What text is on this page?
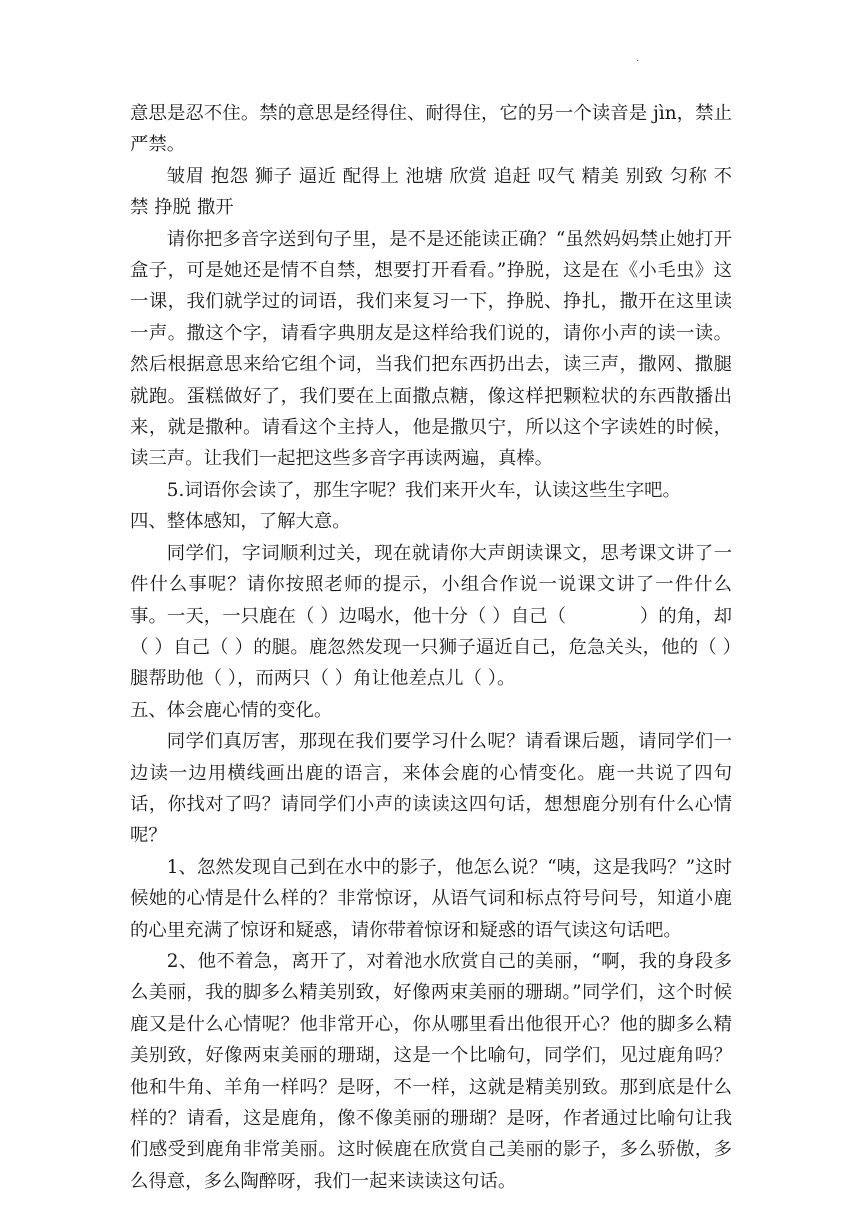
·

意思是忍不住。禁的意思是经得住、耐得住，它的另一个读音是 jìn，禁止严禁。

皱眉 抱怨 狮子 逼近 配得上 池塘 欣赏 追赶 叹气 精美 别致 匀称 不禁 挣脱 撒开

请你把多音字送到句子里，是不是还能读正确？“虽然妈妈禁止她打开盒子，可是她还是情不自禁，想要打开看看。”挣脱，这是在《小毛虫》这一课，我们就学过的词语，我们来复习一下，挣脱、挣扎，撒开在这里读一声。撒这个字，请看字典朋友是这样给我们说的，请你小声的读一读。然后根据意思来给它组个词，当我们把东西扔出去，读三声，撒网、撒腿就跑。蛋糕做好了，我们要在上面撒点糖，像这样把颗粒状的东西散播出来，就是撒种。请看这个主持人，他是撒贝宁，所以这个字读姓的时候，读三声。让我们一起把这些多音字再读两遍，真棒。

5.词语你会读了，那生字呢？我们来开火车，认读这些生字吧。

四、整体感知，了解大意。

同学们，字词顺利过关，现在就请你大声朗读课文，思考课文讲了一件什么事呢？请你按照老师的提示，小组合作说一说课文讲了一件什么事。一天，一只鹿在（ ）边喝水，他十分（ ）自己（　　　　）的角，却（ ）自己（ ）的腿。鹿忽然发现一只狮子逼近自己，危急关头，他的（ ）腿帮助他（ ），而两只（ ）角让他差点儿（ ）。

五、体会鹿心情的变化。

同学们真厉害，那现在我们要学习什么呢？请看课后题，请同学们一边读一边用横线画出鹿的语言，来体会鹿的心情变化。鹿一共说了四句话，你找对了吗？请同学们小声的读读这四句话，想想鹿分别有什么心情呢？

1、忽然发现自己到在水中的影子，他怎么说？“咦，这是我吗？”这时候她的心情是什么样的？非常惊讶，从语气词和标点符号问号，知道小鹿的心里充满了惊讶和疑惑，请你带着惊讶和疑惑的语气读这句话吧。

2、他不着急，离开了，对着池水欣赏自己的美丽，“啊，我的身段多么美丽，我的脚多么精美别致，好像两束美丽的珊瑚。”同学们，这个时候鹿又是什么心情呢？他非常开心，你从哪里看出他很开心？他的脚多么精美别致，好像两束美丽的珊瑚，这是一个比喻句，同学们，见过鹿角吗？他和牛角、羊角一样吗？是呀，不一样，这就是精美别致。那到底是什么样的？请看，这是鹿角，像不像美丽的珊瑚？是呀，作者通过比喻句让我们感受到鹿角非常美丽。这时候鹿在欣赏自己美丽的影子，多么骄傲，多么得意，多么陶醉呀，我们一起来读读这句话。
